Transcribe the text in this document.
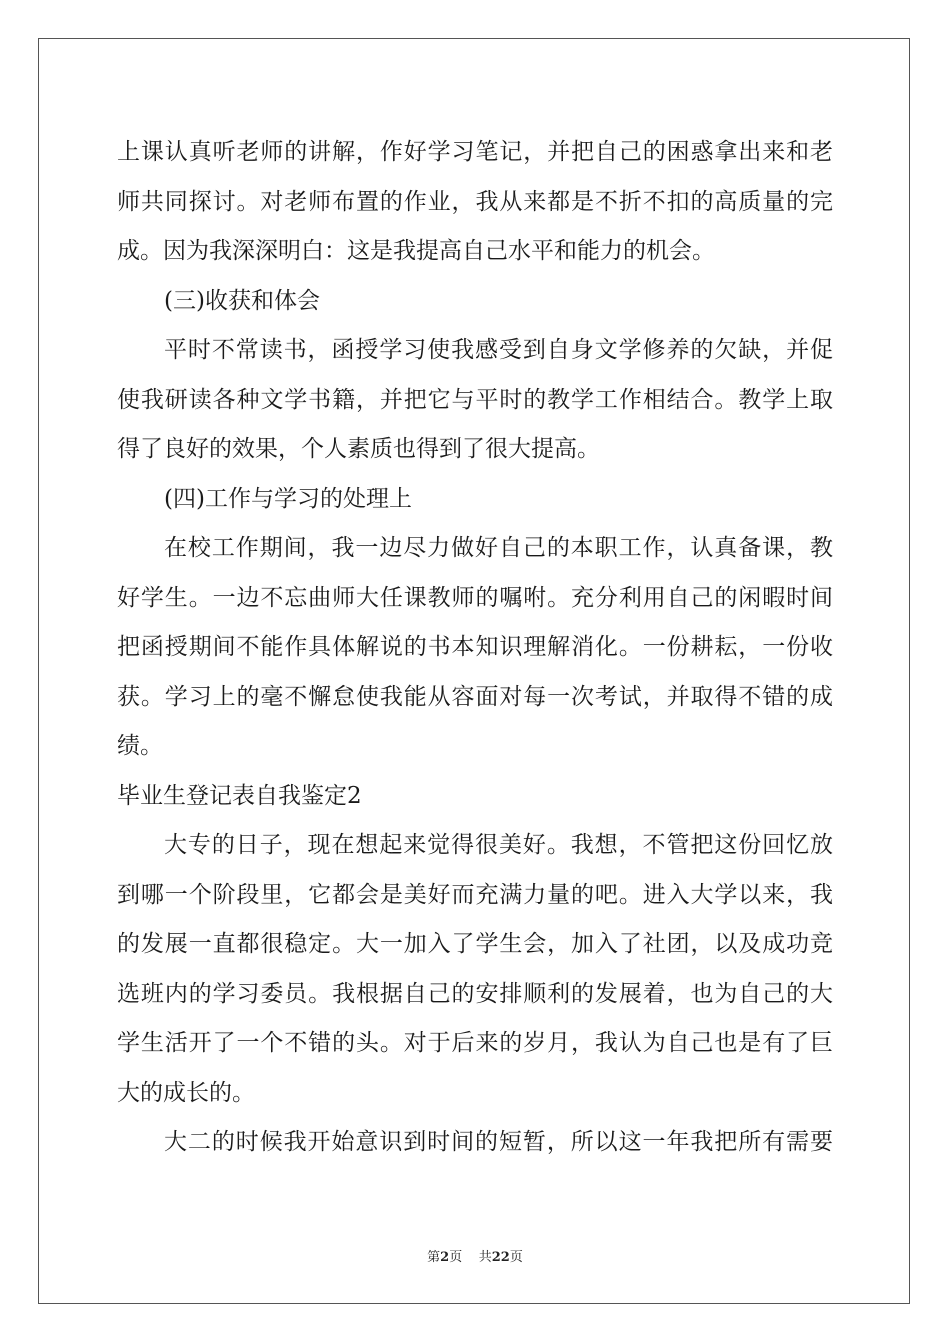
上课认真听老师的讲解，作好学习笔记，并把自己的困惑拿出来和老
师共同探讨。对老师布置的作业，我从来都是不折不扣的高质量的完
成。因为我深深明白：这是我提高自己水平和能力的机会。
(三)收获和体会
平时不常读书，函授学习使我感受到自身文学修养的欠缺，并促
使我研读各种文学书籍，并把它与平时的教学工作相结合。教学上取
得了良好的效果，个人素质也得到了很大提高。
(四)工作与学习的处理上
在校工作期间，我一边尽力做好自己的本职工作，认真备课，教
好学生。一边不忘曲师大任课教师的嘱咐。充分利用自己的闲暇时间
把函授期间不能作具体解说的书本知识理解消化。一份耕耘，一份收
获。学习上的毫不懈怠使我能从容面对每一次考试，并取得不错的成
绩。
毕业生登记表自我鉴定2
大专的日子，现在想起来觉得很美好。我想，不管把这份回忆放
到哪一个阶段里，它都会是美好而充满力量的吧。进入大学以来，我
的发展一直都很稳定。大一加入了学生会，加入了社团，以及成功竞
选班内的学习委员。我根据自己的安排顺利的发展着，也为自己的大
学生活开了一个不错的头。对于后来的岁月，我认为自己也是有了巨
大的成长的。
大二的时候我开始意识到时间的短暂，所以这一年我把所有需要
第2页 共22页
